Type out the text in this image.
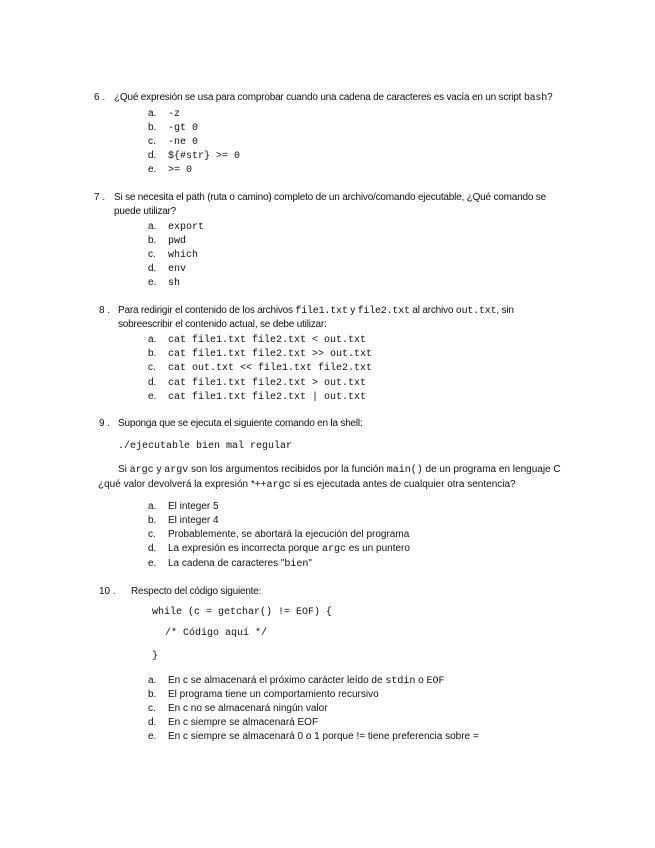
6 . ¿Qué expresión se usa para comprobar cuando una cadena de caracteres es vacía en un script bash?
a. -z
b. -gt 0
c. -ne 0
d. ${#str} >= 0
e. >= 0
7 . Si se necesita el path (ruta o camino) completo de un archivo/comando ejecutable, ¿Qué comando se
puede utilizar?
a. export
b. pwd
c. which
d. env
e. sh
8 . Para redirigir el contenido de los archivos file1.txt y file2.txt al archivo out.txt, sin
sobreescribir el contenido actual, se debe utilizar:
a. cat file1.txt file2.txt < out.txt
b. cat file1.txt file2.txt >> out.txt
c. cat out.txt << file1.txt file2.txt
d. cat file1.txt file2.txt > out.txt
e. cat file1.txt file2.txt | out.txt
9 . Suponga que se ejecuta el siguiente comando en la shell:
./ejecutable bien mal regular
Si argc y argv son los argumentos recibidos por la función main() de un programa en lenguaje C
¿qué valor devolverá la expresión *++argc si es ejecutada antes de cualquier otra sentencia?
a. El integer 5
b. El integer 4
c. Probablemente, se abortará la ejecución del programa
d. La expresión es incorrecta porque argc es un puntero
e. La cadena de caracteres "bien"
10 . Respecto del código siguiente:
while (c = getchar() != EOF) {
/* Código aquí */
}
a. En c se almacenará el próximo carácter leído de stdin o EOF
b. El programa tiene un comportamiento recursivo
c. En c no se almacenará ningún valor
d. En c siempre se almacenará EOF
e. En c siempre se almacenará 0 o 1 porque != tiene preferencia sobre =
